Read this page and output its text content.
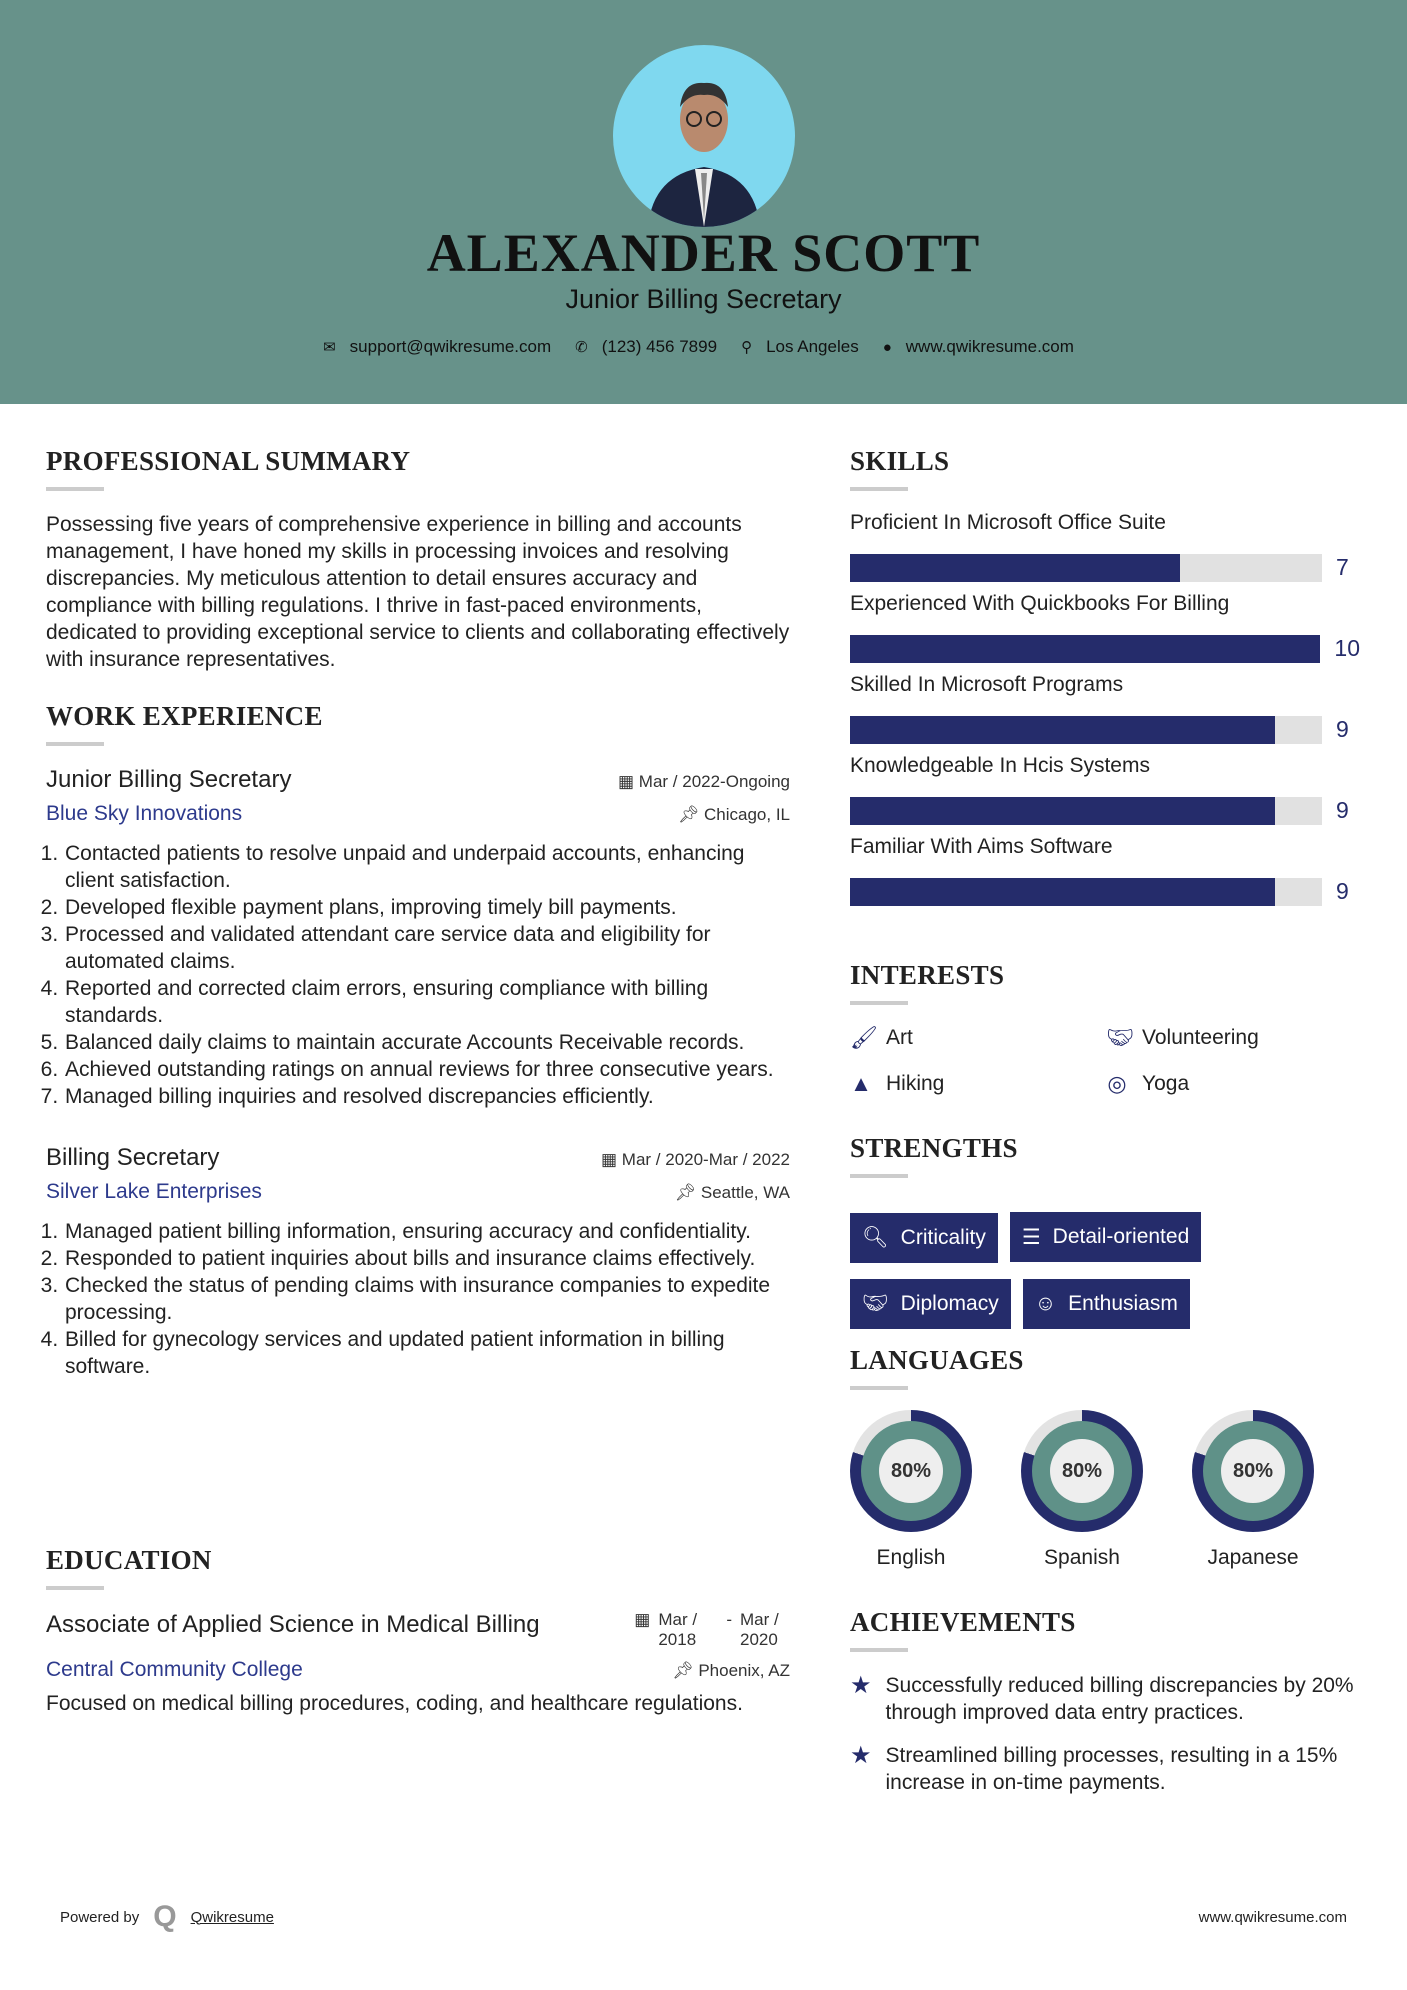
ALEXANDER SCOTT
Junior Billing Secretary
✉ support@qwikresume.com ✆ (123) 456 7899 ⚲ Los Angeles ● www.qwikresume.com
PROFESSIONAL SUMMARY
Possessing five years of comprehensive experience in billing and accounts management, I have honed my skills in processing invoices and resolving discrepancies. My meticulous attention to detail ensures accuracy and compliance with billing regulations. I thrive in fast-paced environments, dedicated to providing exceptional service to clients and collaborating effectively with insurance representatives.
WORK EXPERIENCE
Junior Billing Secretary	▦ Mar / 2022-Ongoing
Blue Sky Innovations	📌︎ Chicago, IL
1. Contacted patients to resolve unpaid and underpaid accounts, enhancing client satisfaction.
2. Developed flexible payment plans, improving timely bill payments.
3. Processed and validated attendant care service data and eligibility for automated claims.
4. Reported and corrected claim errors, ensuring compliance with billing standards.
5. Balanced daily claims to maintain accurate Accounts Receivable records.
6. Achieved outstanding ratings on annual reviews for three consecutive years.
7. Managed billing inquiries and resolved discrepancies efficiently.
Billing Secretary	▦ Mar / 2020-Mar / 2022
Silver Lake Enterprises	📌︎ Seattle, WA
1. Managed patient billing information, ensuring accuracy and confidentiality.
2. Responded to patient inquiries about bills and insurance claims effectively.
3. Checked the status of pending claims with insurance companies to expedite processing.
4. Billed for gynecology services and updated patient information in billing software.
EDUCATION
Associate of Applied Science in Medical Billing	▦ Mar / 2018
- Mar / 2020
Central Community College	📌︎ Phoenix, AZ
Focused on medical billing procedures, coding, and healthcare regulations.
SKILLS
Proficient In Microsoft Office Suite
7
Experienced With Quickbooks For Billing
10
Skilled In Microsoft Programs
9
Knowledgeable In Hcis Systems
9
Familiar With Aims Software
9
INTERESTS
🖌︎ Art	🤝︎ Volunteering
▲ Hiking	◎ Yoga
STRENGTHS
🔍︎ Criticality ☰ Detail-oriented
🤝︎ Diplomacy ☺ Enthusiasm
LANGUAGES
80%
English
80%
Spanish
80%
Japanese
ACHIEVEMENTS
★ Successfully reduced billing discrepancies by 20% through improved data entry practices.
★ Streamlined billing processes, resulting in a 15% increase in on-time payments.
Powered by Q Qwikresume	www.qwikresume.com
